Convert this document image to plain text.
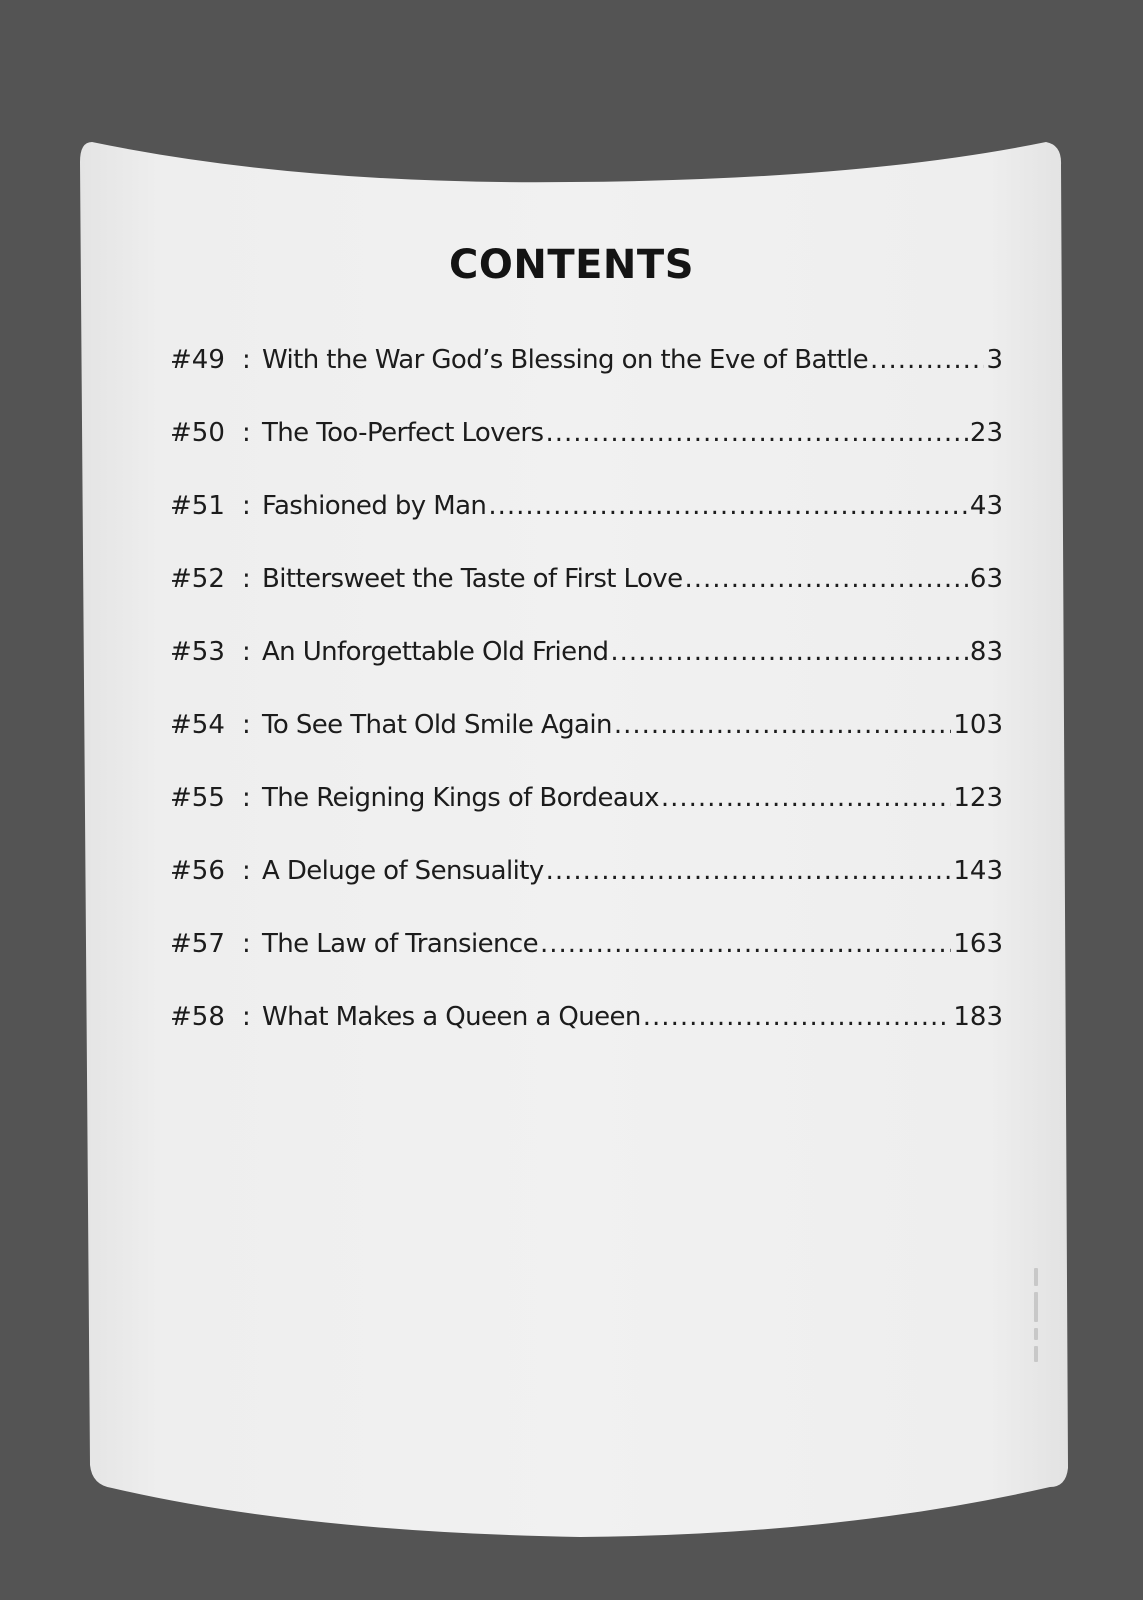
CONTENTS
#49 : With the War God’s Blessing on the Eve of Battle .....	3
#50 : The Too-Perfect Lovers .....	23
#51 : Fashioned by Man .....	43
#52 : Bittersweet the Taste of First Love .....	63
#53 : An Unforgettable Old Friend .....	83
#54 : To See That Old Smile Again .....	103
#55 : The Reigning Kings of Bordeaux .....	123
#56 : A Deluge of Sensuality .....	143
#57 : The Law of Transience .....	163
#58 : What Makes a Queen a Queen .....	183
